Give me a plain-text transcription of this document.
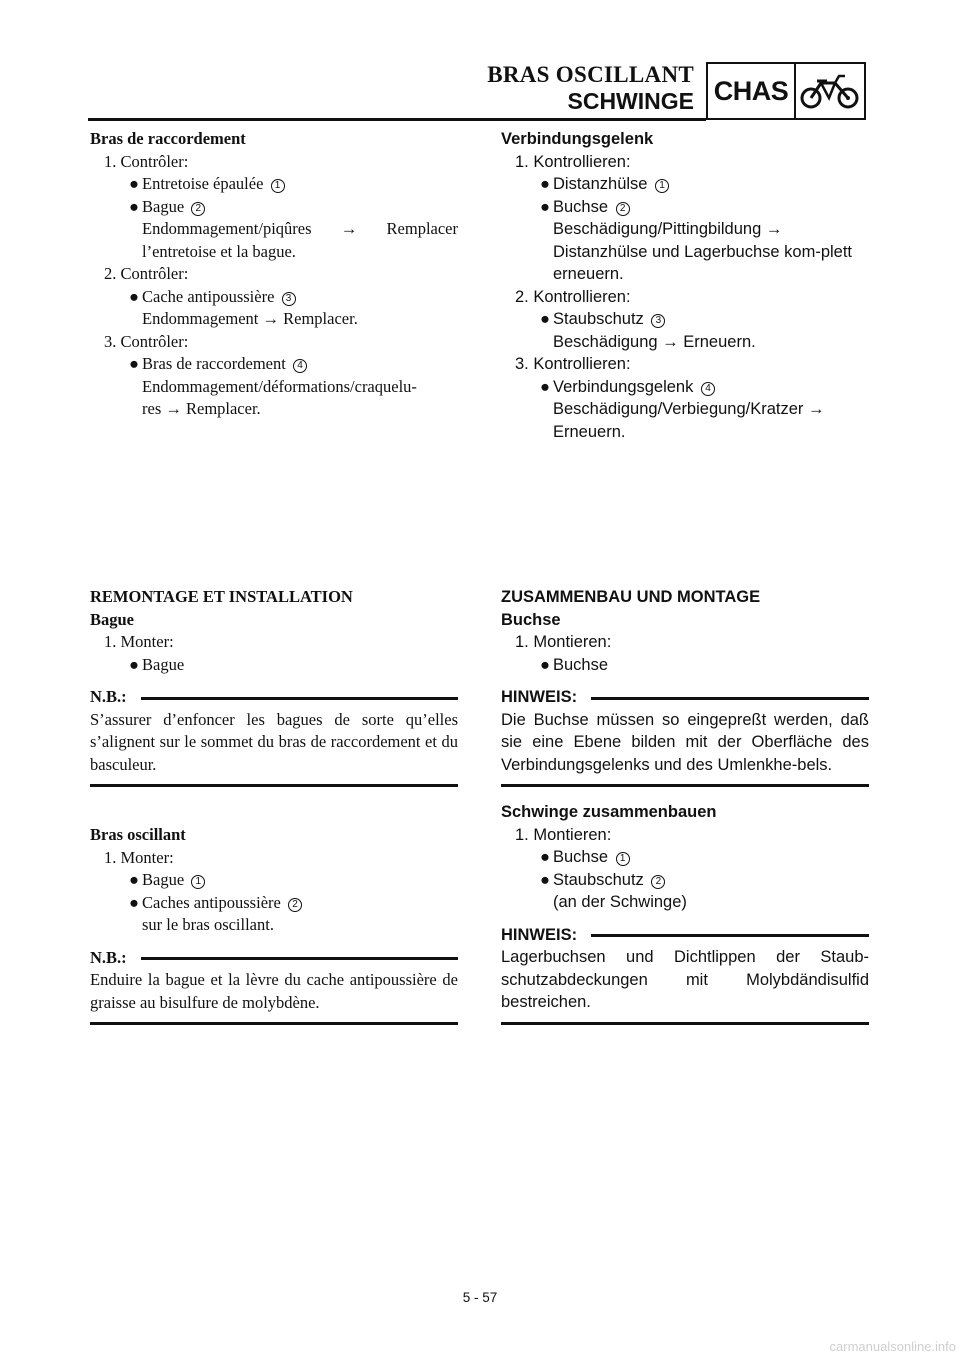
BRAS OSCILLANT
SCHWINGE CHAS
Bras de raccordement
1. Contrôler:
● Entretoise épaulée 1
● Bague 2
Endommagement/piqûres → Remplacer l’entretoise et la bague.
2. Contrôler:
● Cache antipoussière 3
Endommagement → Remplacer.
3. Contrôler:
● Bras de raccordement 4
Endommagement/déformations/craquelu-res → Remplacer.
Verbindungsgelenk
1. Kontrollieren:
● Distanzhülse 1
● Buchse 2
Beschädigung/Pittingbildung → Distanzhülse und Lagerbuchse kom-plett erneuern.
2. Kontrollieren:
● Staubschutz 3
Beschädigung → Erneuern.
3. Kontrollieren:
● Verbindungsgelenk 4
Beschädigung/Verbiegung/Kratzer → Erneuern.
REMONTAGE ET INSTALLATION
Bague
1. Monter:
● Bague
N.B.:
S’assurer d’enfoncer les bagues de sorte qu’elles s’alignent sur le sommet du bras de raccordement et du basculeur.
Bras oscillant
1. Monter:
● Bague 1
● Caches antipoussière 2
sur le bras oscillant.
N.B.:
Enduire la bague et la lèvre du cache antipoussière de graisse au bisulfure de molybdène.
ZUSAMMENBAU UND MONTAGE
Buchse
1. Montieren:
● Buchse
HINWEIS:
Die Buchse müssen so eingepreßt werden, daß sie eine Ebene bilden mit der Oberfläche des Verbindungsgelenks und des Umlenkhe-bels.
Schwinge zusammenbauen
1. Montieren:
● Buchse 1
● Staubschutz 2
(an der Schwinge)
HINWEIS:
Lagerbuchsen und Dichtlippen der Staub-schutzabdeckungen mit Molybdändisulfid bestreichen.
5 - 57
carmanualsonline.info
